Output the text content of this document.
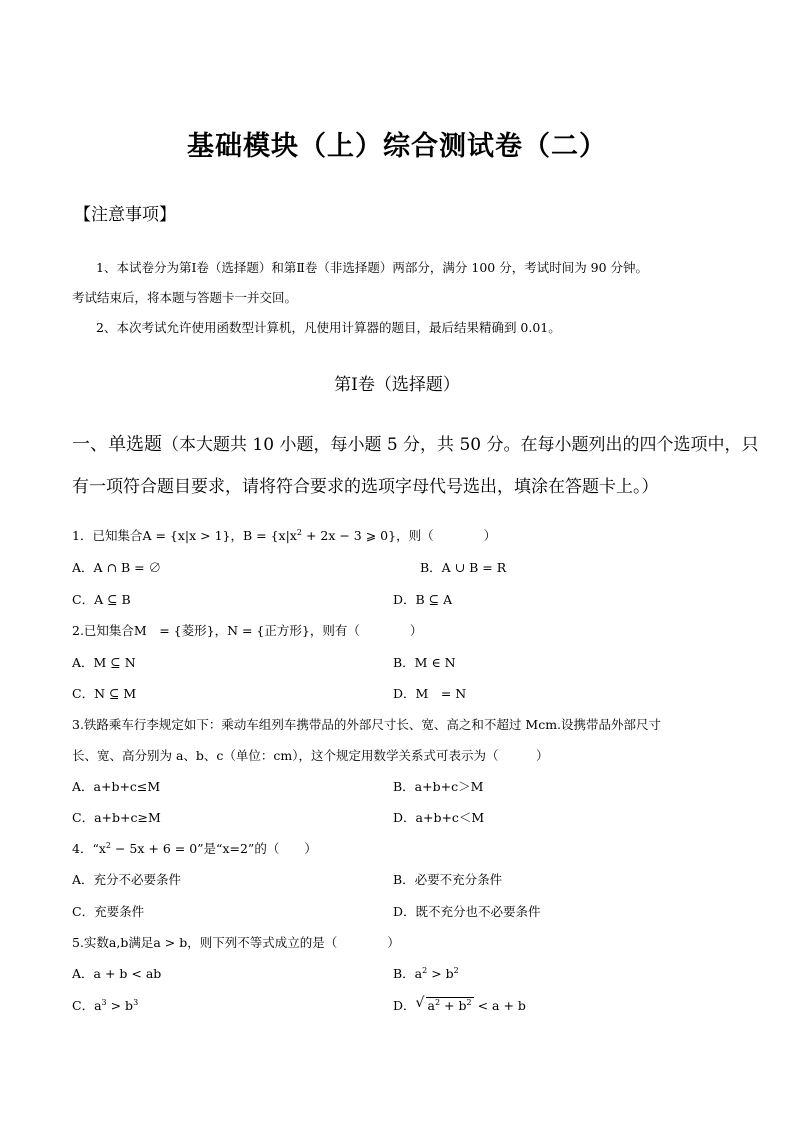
基础模块（上）综合测试卷（二）
【注意事项】
1、本试卷分为第Ⅰ卷（选择题）和第Ⅱ卷（非选择题）两部分，满分 100 分，考试时间为 90 分钟。
考试结束后，将本题与答题卡一并交回。
2、本次考试允许使用函数型计算机，凡使用计算器的题目，最后结果精确到 0.01。
第Ⅰ卷（选择题）
一、单选题（本大题共 10 小题，每小题 5 分，共 50 分。在每小题列出的四个选项中，只
有一项符合题目要求，请将符合要求的选项字母代号选出，填涂在答题卡上。）
1．已知集合A = {x|x > 1}，$B = \{x|x^2 + 2x - 3$ ⩾ 0}，则（　　　　）
A．A ∩ B = ∅	B．A ∪ B = R
C．A ⊆ B	D．B ⊆ A
2.已知集合M　= {菱形}，N = {正方形}，则有（　　　　）
A．M ⊆ N	B．M ∈ N
C．N ⊆ M	D．M　= N
3.铁路乘车行李规定如下：乘动车组列车携带品的外部尺寸长、宽、高之和不超过 Mcm.设携带品外部尺寸
长、宽、高分别为 a、b、c（单位：cm），这个规定用数学关系式可表示为（　　　）
A．a+b+c≤M	B．a+b+c＞M
C．a+b+c≥M	D．a+b+c＜M
4．“$x^2 - 5x + 6 = 0$”是“x=2”的（　　）
A．充分不必要条件	B．必要不充分条件
C．充要条件	D．既不充分也不必要条件
5.实数a,b满足a > b，则下列不等式成立的是（　　　　）
A．a + b < ab	B．$a^2 > b^2$
C．$a^3 > b^3$	D． √ $a^2 + b^2 < a + b$
